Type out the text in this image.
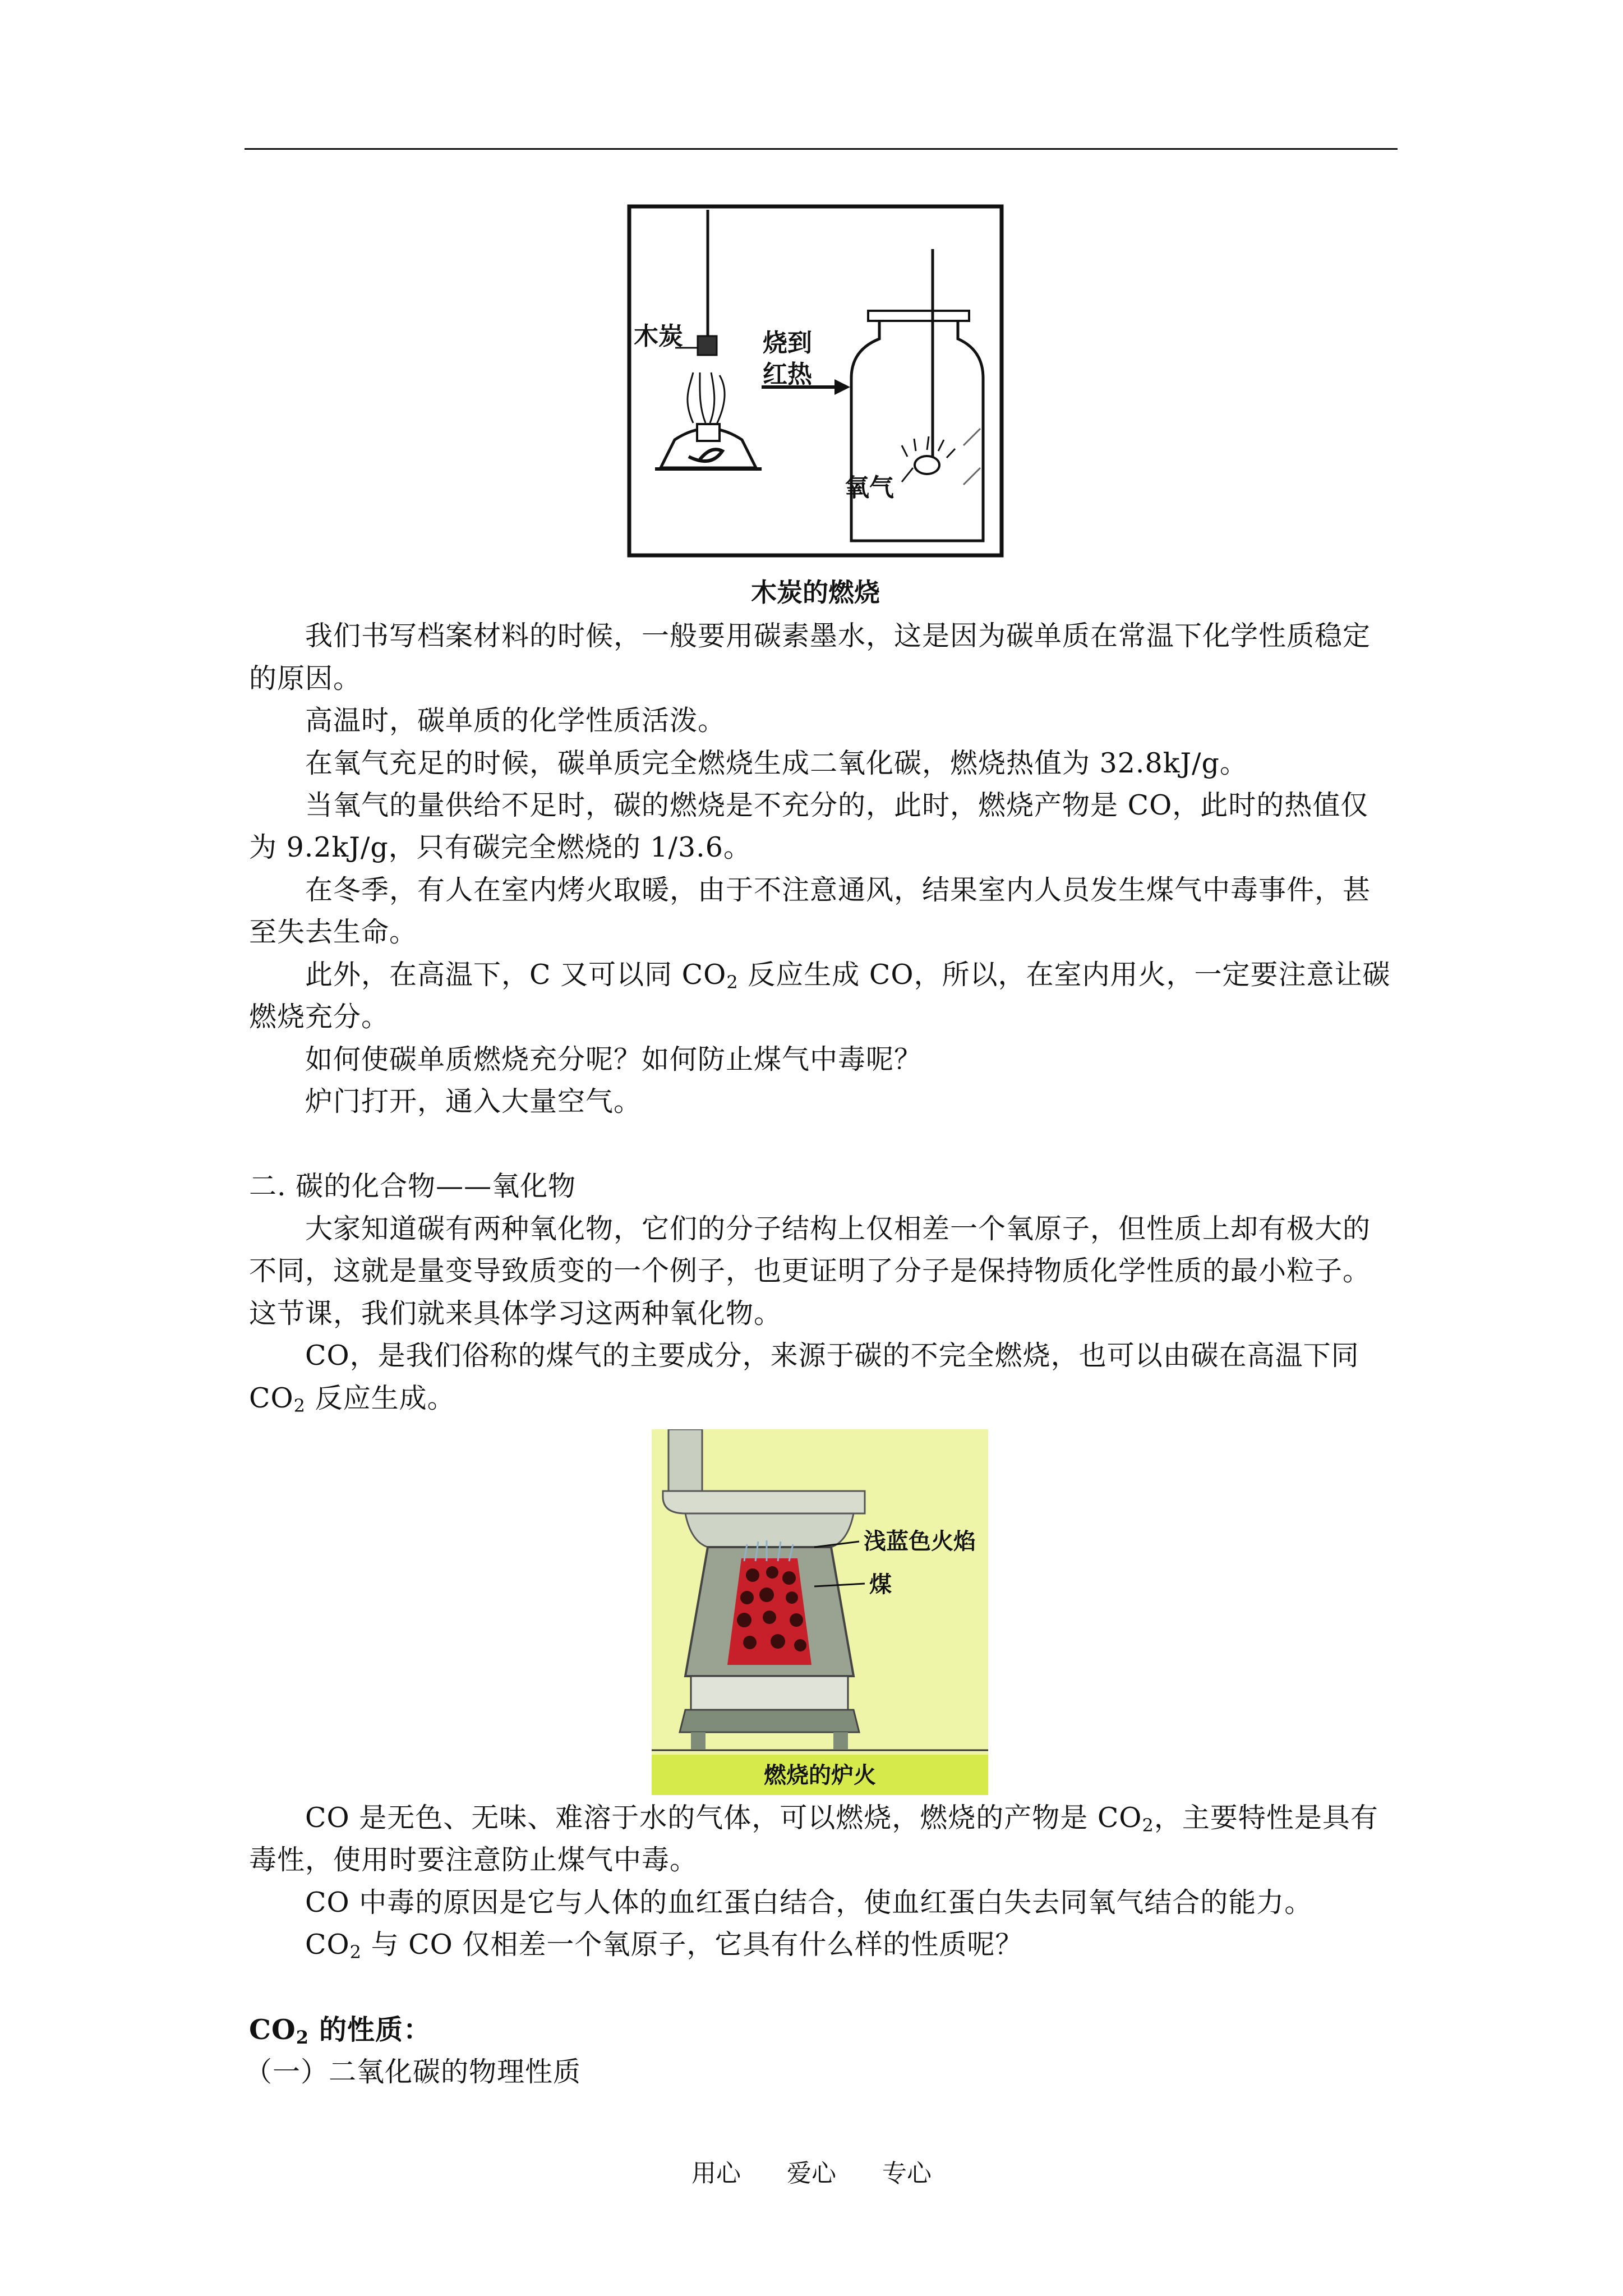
木炭	烧到
红热
氧气
木炭的燃烧
我们书写档案材料的时候，一般要用碳素墨水，这是因为碳单质在常温下化学性质稳定
的原因。
高温时，碳单质的化学性质活泼。
在氧气充足的时候，碳单质完全燃烧生成二氧化碳，燃烧热值为 32.8kJ/g。
当氧气的量供给不足时，碳的燃烧是不充分的，此时，燃烧产物是 CO，此时的热值仅
为 9.2kJ/g，只有碳完全燃烧的 1/3.6。
在冬季，有人在室内烤火取暖，由于不注意通风，结果室内人员发生煤气中毒事件，甚
至失去生命。
此外，在高温下，C 又可以同 $CO_2$ 反应生成 CO，所以，在室内用火，一定要注意让碳
燃烧充分。
如何使碳单质燃烧充分呢？如何防止煤气中毒呢？
炉门打开，通入大量空气。
二. 碳的化合物——氧化物
大家知道碳有两种氧化物，它们的分子结构上仅相差一个氧原子，但性质上却有极大的
不同，这就是量变导致质变的一个例子，也更证明了分子是保持物质化学性质的最小粒子。
这节课，我们就来具体学习这两种氧化物。
CO，是我们俗称的煤气的主要成分，来源于碳的不完全燃烧，也可以由碳在高温下同
$CO_2$ 反应生成。
浅蓝色火焰
煤
燃烧的炉火
CO 是无色、无味、难溶于水的气体，可以燃烧，燃烧的产物是 $CO_2$，主要特性是具有
毒性，使用时要注意防止煤气中毒。
CO 中毒的原因是它与人体的血红蛋白结合，使血红蛋白失去同氧气结合的能力。
$CO_2$ 与 CO 仅相差一个氧原子，它具有什么样的性质呢？
$CO_2$ 的性质：
（一）二氧化碳的物理性质
用心 爱心 专心
